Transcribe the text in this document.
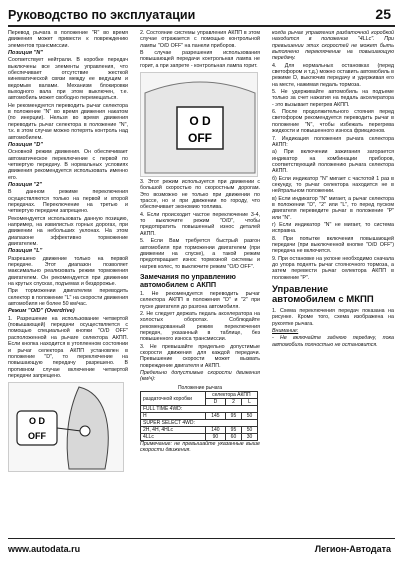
Руководство по эксплуатации	25

Перевод рычага в положение "R" во время движения может привести к повреждению элементов трансмиссии.

Позиция "N"

Соответствует нейтрали. В коробке передач выключены все элементы управления, что обеспечивает отсутствие жесткой кинематической связи между ее ведущим и ведомым валами. Механизм блокировки выходного вала при этом выключен, т.е. автомобиль может свободно перемещаться.

Не рекомендуется переводить рычаг селектора в положение "N" во время движения накатом (по инерции). Нельзя во время движения переводить рычаг селектора в положение "N", т.к. в этом случае можно потерять контроль над автомобилем.

Позиция "D"

Основной режим движения. Он обеспечивает автоматическое переключение с первой по четвертую передачу. В нормальных условиях движения рекомендуется использовать именно его.

Позиция "2"

В данном режиме переключения осуществляются только на первой и второй передачах. Переключение на третью и четвертую передачи запрещено.

Рекомендуется использовать данную позицию, например, на извилистых горных дорогах, при движении на небольших уклонах. На этом диапазоне эффективно торможение двигателем.

Позиция "L"

Разрешено движение только на первой передаче. Этот диапазон позволяет максимально реализовать режим торможения двигателем. Он рекомендуется при движении на крутых спусках, подъемах и бездорожье.

При торможении двигателем переводить селектор в положение "L" на скорости движения автомобиля не более 50 км/час.

Режим "O/D" (Overdrive)

1. Разрешение на использование четвертой (повышающей) передачи осуществляется с помощью специальной кнопки "O/D OFF" расположенной на рычаге селектора АКПП. Если кнопка находится в утопленном состоянии и рычаг селектора АКПП установлен в положение "D", то переключение на повышающую передачу разрешено. В противном случае включение четвертой передачи запрещено.

O D
OFF

2. Состояние системы управления АКПП в этом случае отражается с помощью контрольной лампы "O/D OFF" на панели приборов.

В случае разрешения использования повышающей передачи контрольная лампа не горит, а при запрете - контрольная лампа горит.

O D
OFF

3. Этот режим используется при движении с большой скоростью по скоростным дорогам. Это возможно не только при движении по трассе, но и при движении по городу, что обеспечивает экономию топлива.

4. Если происходит частое переключение 3-4, то выключите режим "O/D", чтобы предотвратить повышенный износ деталей АКПП.

5. Если Вам требуется быстрый разгон автомобиля при торможении двигателем (при движении на спуске), а такой режим предотвращает износ тормозной системы и нагрев колес, то выключите режим "O/D OFF".

Замечания по управлению автомобилем с АКПП

1. Не рекомендуется переводить рычаг селектора АКПП в положения "D" и "2" при пуске двигателя до разгона автомобиля.

2. Не следует держать педаль акселератора на холостых оборотах. Соблюдайте рекомендованный режим переключения передач, указанный в таблице, без повышенного износа трансмиссии.

3. Не превышайте предельно допустимые скорости движения для каждой передачи. Превышение скорости может вызвать повреждение двигателя и АКПП.

Предельно допустимые скорости движения (км/ч):

Положение рычага
раздаточной коробки	селектора АКПП		
	D	2	L
FULL TIME 4WD:			
H	145	95	50
SUPER SELECT 4WD:			
2H, 4H, 4HLc	140	95	50
4LLc	90	60	30

Примечание: не превышайте указанные выше скорости движения.

когда рычаг управления раздаточной коробкой находится в положение "4LLc". При превышении этих скоростей не может быть выполнено переключение на повышающую передачу.

4. Для нормальных остановках (перед светофором и т.д.) можно оставить автомобиль в режиме D, выключив передачу и удерживая его на месте, нажимая педаль тормоза.

5. Не удерживайте автомобиль на подъеме только за счет нажатия на педаль акселератора - это вызывает перегрев АКПП.

6. После продолжительного стояния перед светофором рекомендуется переводить рычаг в положение "N", чтобы избежать перегрева жидкости и повышенного износа фрикционов.

7. Индикация положения рычага селектора АКПП:

а) При включении зажигания загорается индикатор на комбинации приборов, соответствующий положению рычага селектора АКПП.

б) Если индикатор "N" мигает с частотой 1 раз в секунду, то рычаг селектора находится не в нейтральном положении.

в) Если индикатор "N" мигает, а рычаг селектора в положении "D", "2" или "L", то перед пуском двигателя переведите рычаг в положение "P" или "N".

г) Если индикатор "N" не мигает, то система исправна.

8. При попытке включения повышающей передачи (при выключенной кнопке "O/D OFF") передача не включится.

9. При остановке на уклоне необходимо сначала до упора поднять рычаг стояночного тормоза, а затем перевести рычаг селектора АКПП в положение "P".

Управление автомобилем с МКПП

1. Схема переключения передач показана на рисунке. Кроме того, схема изображена на рукоятке рычага.

Внимание:

- Не включайте заднюю передачу, пока автомобиль полностью не остановится.

www.autodata.ru	Легион-Автодата
